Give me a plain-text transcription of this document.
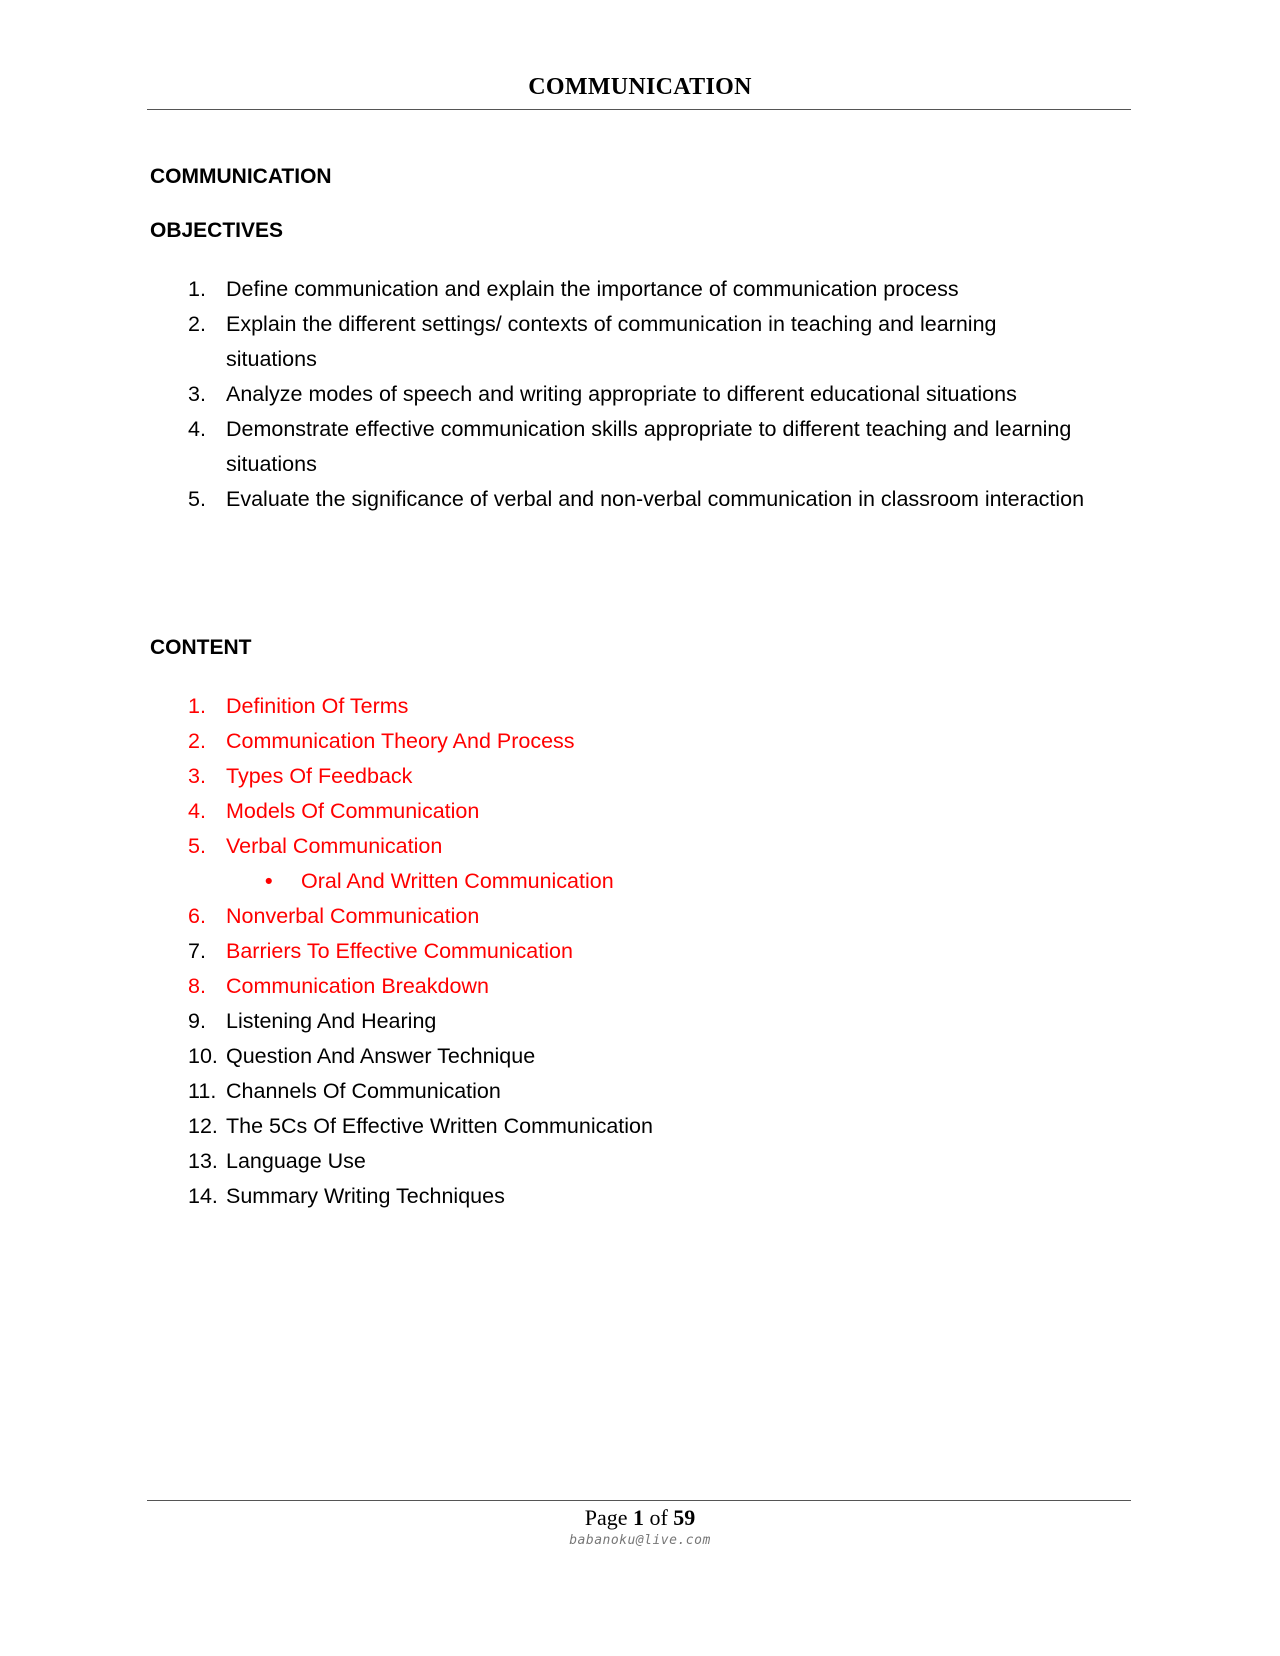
COMMUNICATION
COMMUNICATION
OBJECTIVES
1. Define communication and explain the importance of communication process
2. Explain the different settings/ contexts of communication in teaching and learning situations
3. Analyze modes of speech and writing appropriate to different educational situations
4. Demonstrate effective communication skills appropriate to different teaching and learning situations
5. Evaluate the significance of verbal and non-verbal communication in classroom interaction
CONTENT
1. Definition Of Terms
2. Communication Theory And Process
3. Types Of Feedback
4. Models Of Communication
5. Verbal Communication
• Oral And Written Communication
6. Nonverbal Communication
7. Barriers To Effective Communication
8. Communication Breakdown
9. Listening And Hearing
10. Question And Answer Technique
11. Channels Of Communication
12. The 5Cs Of Effective Written Communication
13. Language Use
14. Summary Writing Techniques
Page 1 of 59
babanoku@live.com
